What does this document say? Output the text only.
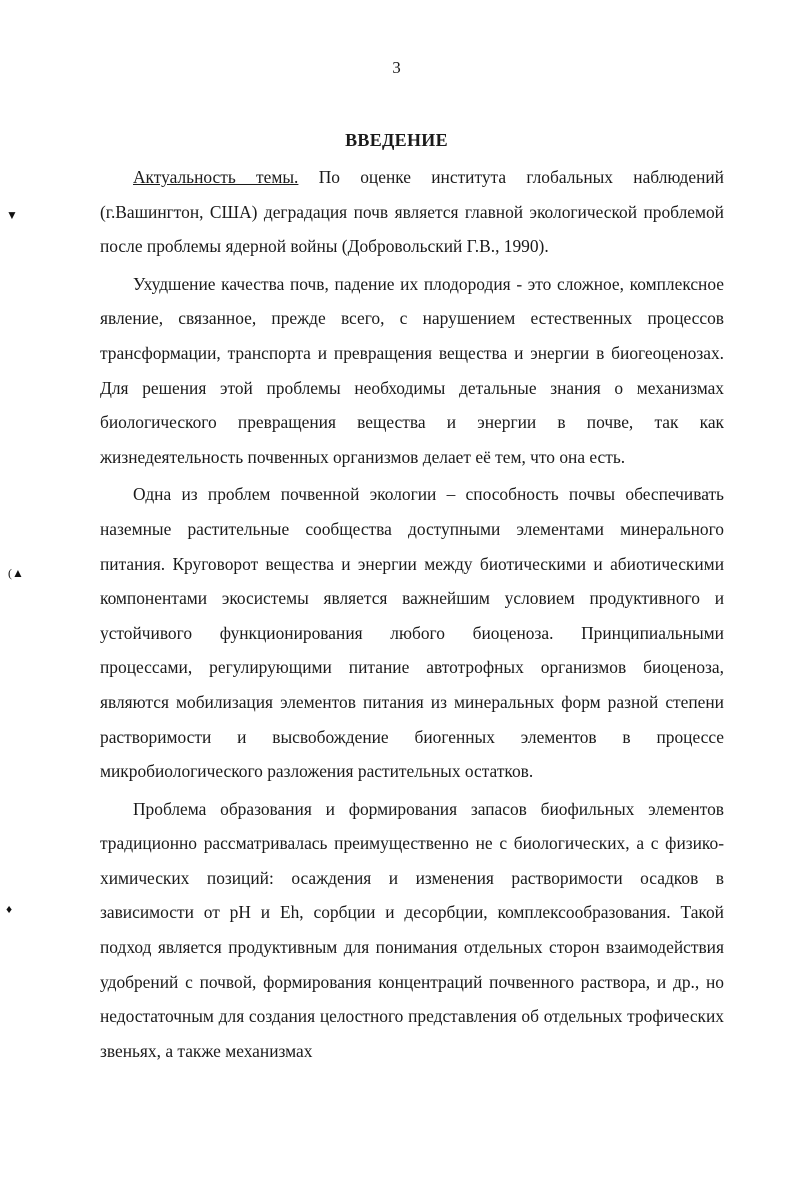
3
ВВЕДЕНИЕ
▼
(▲
♦

Актуальность темы. По оценке института глобальных наблюдений (г.Вашингтон, США) деградация почв является главной экологической проблемой после проблемы ядерной войны (Добровольский Г.В., 1990).

Ухудшение качества почв, падение их плодородия - это сложное, комплексное явление, связанное, прежде всего, с нарушением естественных процессов трансформации, транспорта и превращения вещества и энергии в биогеоценозах. Для решения этой проблемы необходимы детальные знания о механизмах биологического превращения вещества и энергии в почве, так как жизнедеятельность почвенных организмов делает её тем, что она есть.

Одна из проблем почвенной экологии – способность почвы обеспечивать наземные растительные сообщества доступными элементами минерального питания. Круговорот вещества и энергии между биотическими и абиотическими компонентами экосистемы является важнейшим условием продуктивного и устойчивого функционирования любого биоценоза. Принципиальными процессами, регулирующими питание автотрофных организмов биоценоза, являются мобилизация элементов питания из минеральных форм разной степени растворимости и высвобождение биогенных элементов в процессе микробиологического разложения растительных остатков.

Проблема образования и формирования запасов биофильных элементов традиционно рассматривалась преимущественно не с биологических, а с физико-химических позиций: осаждения и изменения растворимости осадков в зависимости от pH и Eh, сорбции и десорбции, комплексообразования. Такой подход является продуктивным для понимания отдельных сторон взаимодействия удобрений с почвой, формирования концентраций почвенного раствора, и др., но недостаточным для создания целостного представления об отдельных трофических звеньях, а также механизмах
